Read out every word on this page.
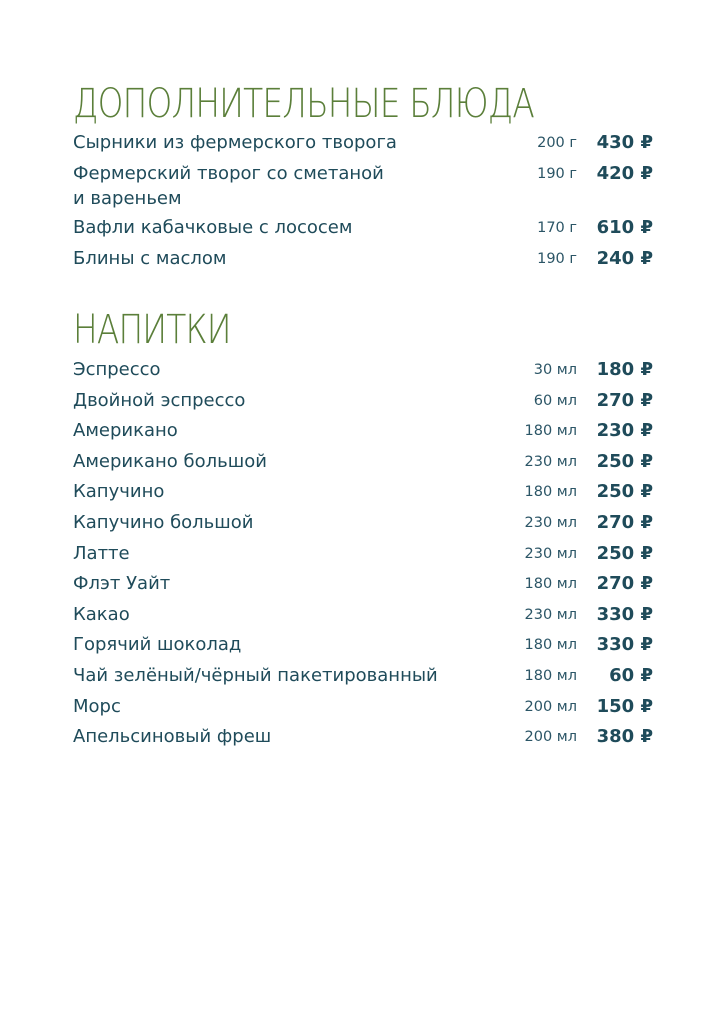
ДОПОЛНИТЕЛЬНЫЕ БЛЮДА
Сырники из фермерского творога	200 г	430 ₽
Фермерский творог со сметаной
и вареньем
190 г	420 ₽
Вафли кабачковые с лососем	170 г	610 ₽
Блины с маслом	190 г	240 ₽
НАПИТКИ
Эспрессо	30 мл	180 ₽
Двойной эспрессо	60 мл	270 ₽
Американо	180 мл	230 ₽
Американо большой	230 мл	250 ₽
Капучино	180 мл	250 ₽
Капучино большой	230 мл	270 ₽
Латте	230 мл	250 ₽
Флэт Уайт	180 мл	270 ₽
Какао	230 мл	330 ₽
Горячий шоколад	180 мл	330 ₽
Чай зелёный/чёрный пакетированный	180 мл	60 ₽
Морс	200 мл	150 ₽
Апельсиновый фреш	200 мл	380 ₽
